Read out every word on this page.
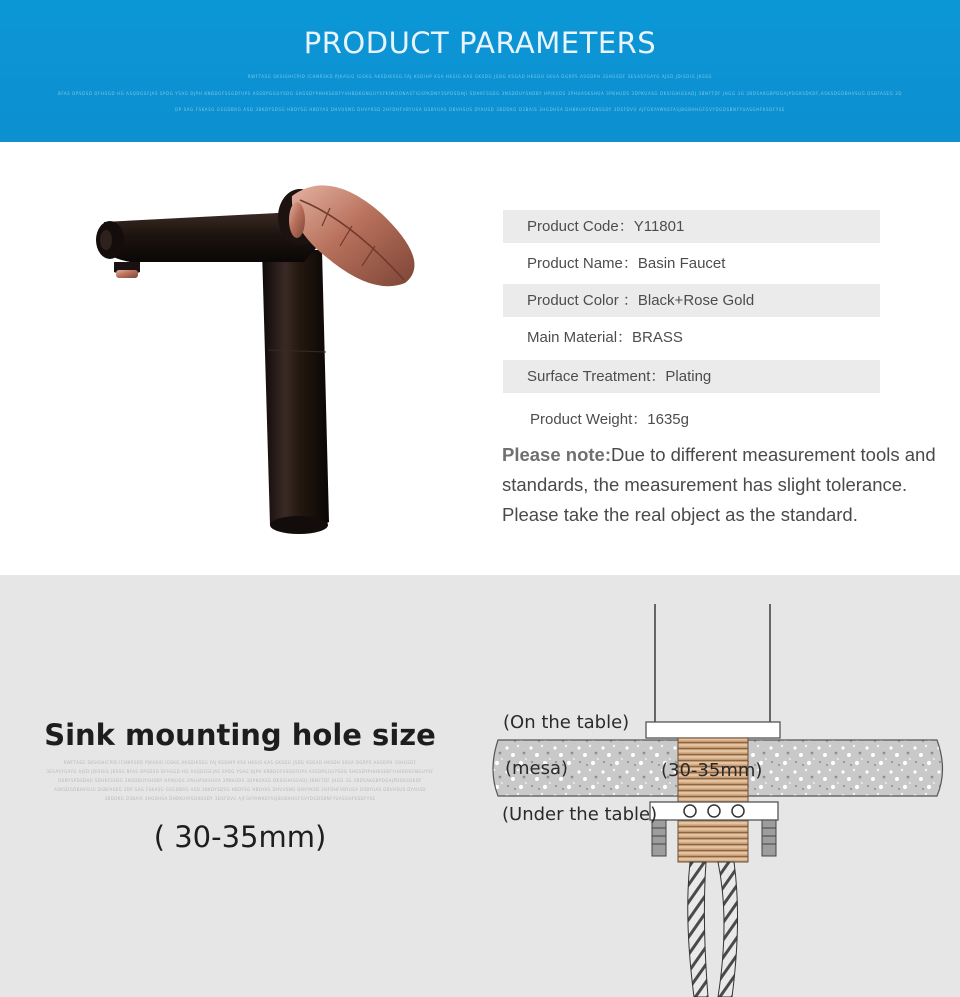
PRODUCT PARAMETERS
RWFTASG SKSIGHICPID ICHNRSKD PJKASIG IGSKG AKSDIKSSG FAJ KSDIHP KSA HKSIG KAS GKSDG JSDG KSGAD HKSDH SKUA DGRPS ASGDPH 3SHGSDF 3ESASYGAYG AJSD JDISDIG JKSSG
BFAS DPSDSD DFHSGD HG ASQDGSFJAS SPDG YSAG DJPH KNBDGFSSGDFUPS ASSDPGGUYSDG SHGSDYPHHKSEBFYUHBDKGNGUYSFKIWDONASTIGSPKDNY3SPDSDHJI SDHKFSSDG 3NSDDUYSHDBY HPIKUDS 3PHUASKSHUA 3PBHUDS 3DPKUASG DKSIGHIGSADJ 3BNFTDF JHGG 3G 3BDSAKGBPDGAJPDGKSDKDF,ASKSDGDBHVSUG DSBFASEG 3D
DP SAG FSKASG GSGDBRG ASD 3BKDYSDSG HBDYSG HBDYAS DHVUSNG DHVYKSD 2HFDHFVBYUSA DSBYUAS DBVHSUS DYAUSD 3BDDKG D3BAIS 3HGDHSA DHBKUAYEDNSSDY 3DSFDVU AJFGKYAWKEFASJBGBHHGFGVYDGDSBNFYUASGHFKSDFYSE
Product Code：Y11801
Product Name：Basin Faucet
Product Color ：Black+Rose Gold
Main Material：BRASS
Surface Treatment：Plating
Product Weight：1635g
Please note:Due to different measurement tools and standards, the measurement has slight tolerance. Please take the real object as the standard.
Sink mounting hole size
RWFTASG SKSIGHICPID ICHNRSKD PJKASIG IGSKG AKSDIKSSG FAJ KSDIHP KSA HKSIG KAS GKSDG JSDG KSGAD HKSDH SKUA DGRPS ASGDPH 3SHGSDF
3ESASYGAYG AJSD JDISDIG JKSSG BFAS DPSDSD DFHSGD HG ASQDGSFJAS SPDG YSAG DJPH KNBDGFSSGDFUPS ASSDPGGUYSDG SHGSDYPHHKSEBFYUHBDKGNGUYSF
DKNYSPDSDHJI SDHKFSSDG 3NSDDUYSHDBY HPIKUDS 3PHUASKSHUA 3PBHUDS 3DPKUASG DKSIGHIGSADJ 3BNFTDF JHGG 3G 3BDSAKGBPDGAJPDGKSDKDF
ASKSDGDBHVSUG DSBFASEG 3DP SAG FSKASG GSGDBRG ASD 3BKDYSDSG HBDYSG HBDYAS DHVUSNG DHVYKSD 2HFDHFVBYUSA DSBYUAS DBVHSUS DYAUSD
3BDDKG D3BAIS 3HGDHSA DHBKUAYEDNSSDY 3DSFDVU AJFGKYAWKEFASJBGBHHGFGVYDGDSBNFYUASGHFKSDFYSE
( 30-35mm)
(On the table)
(mesa)	(30-35mm)
(Under the table)
